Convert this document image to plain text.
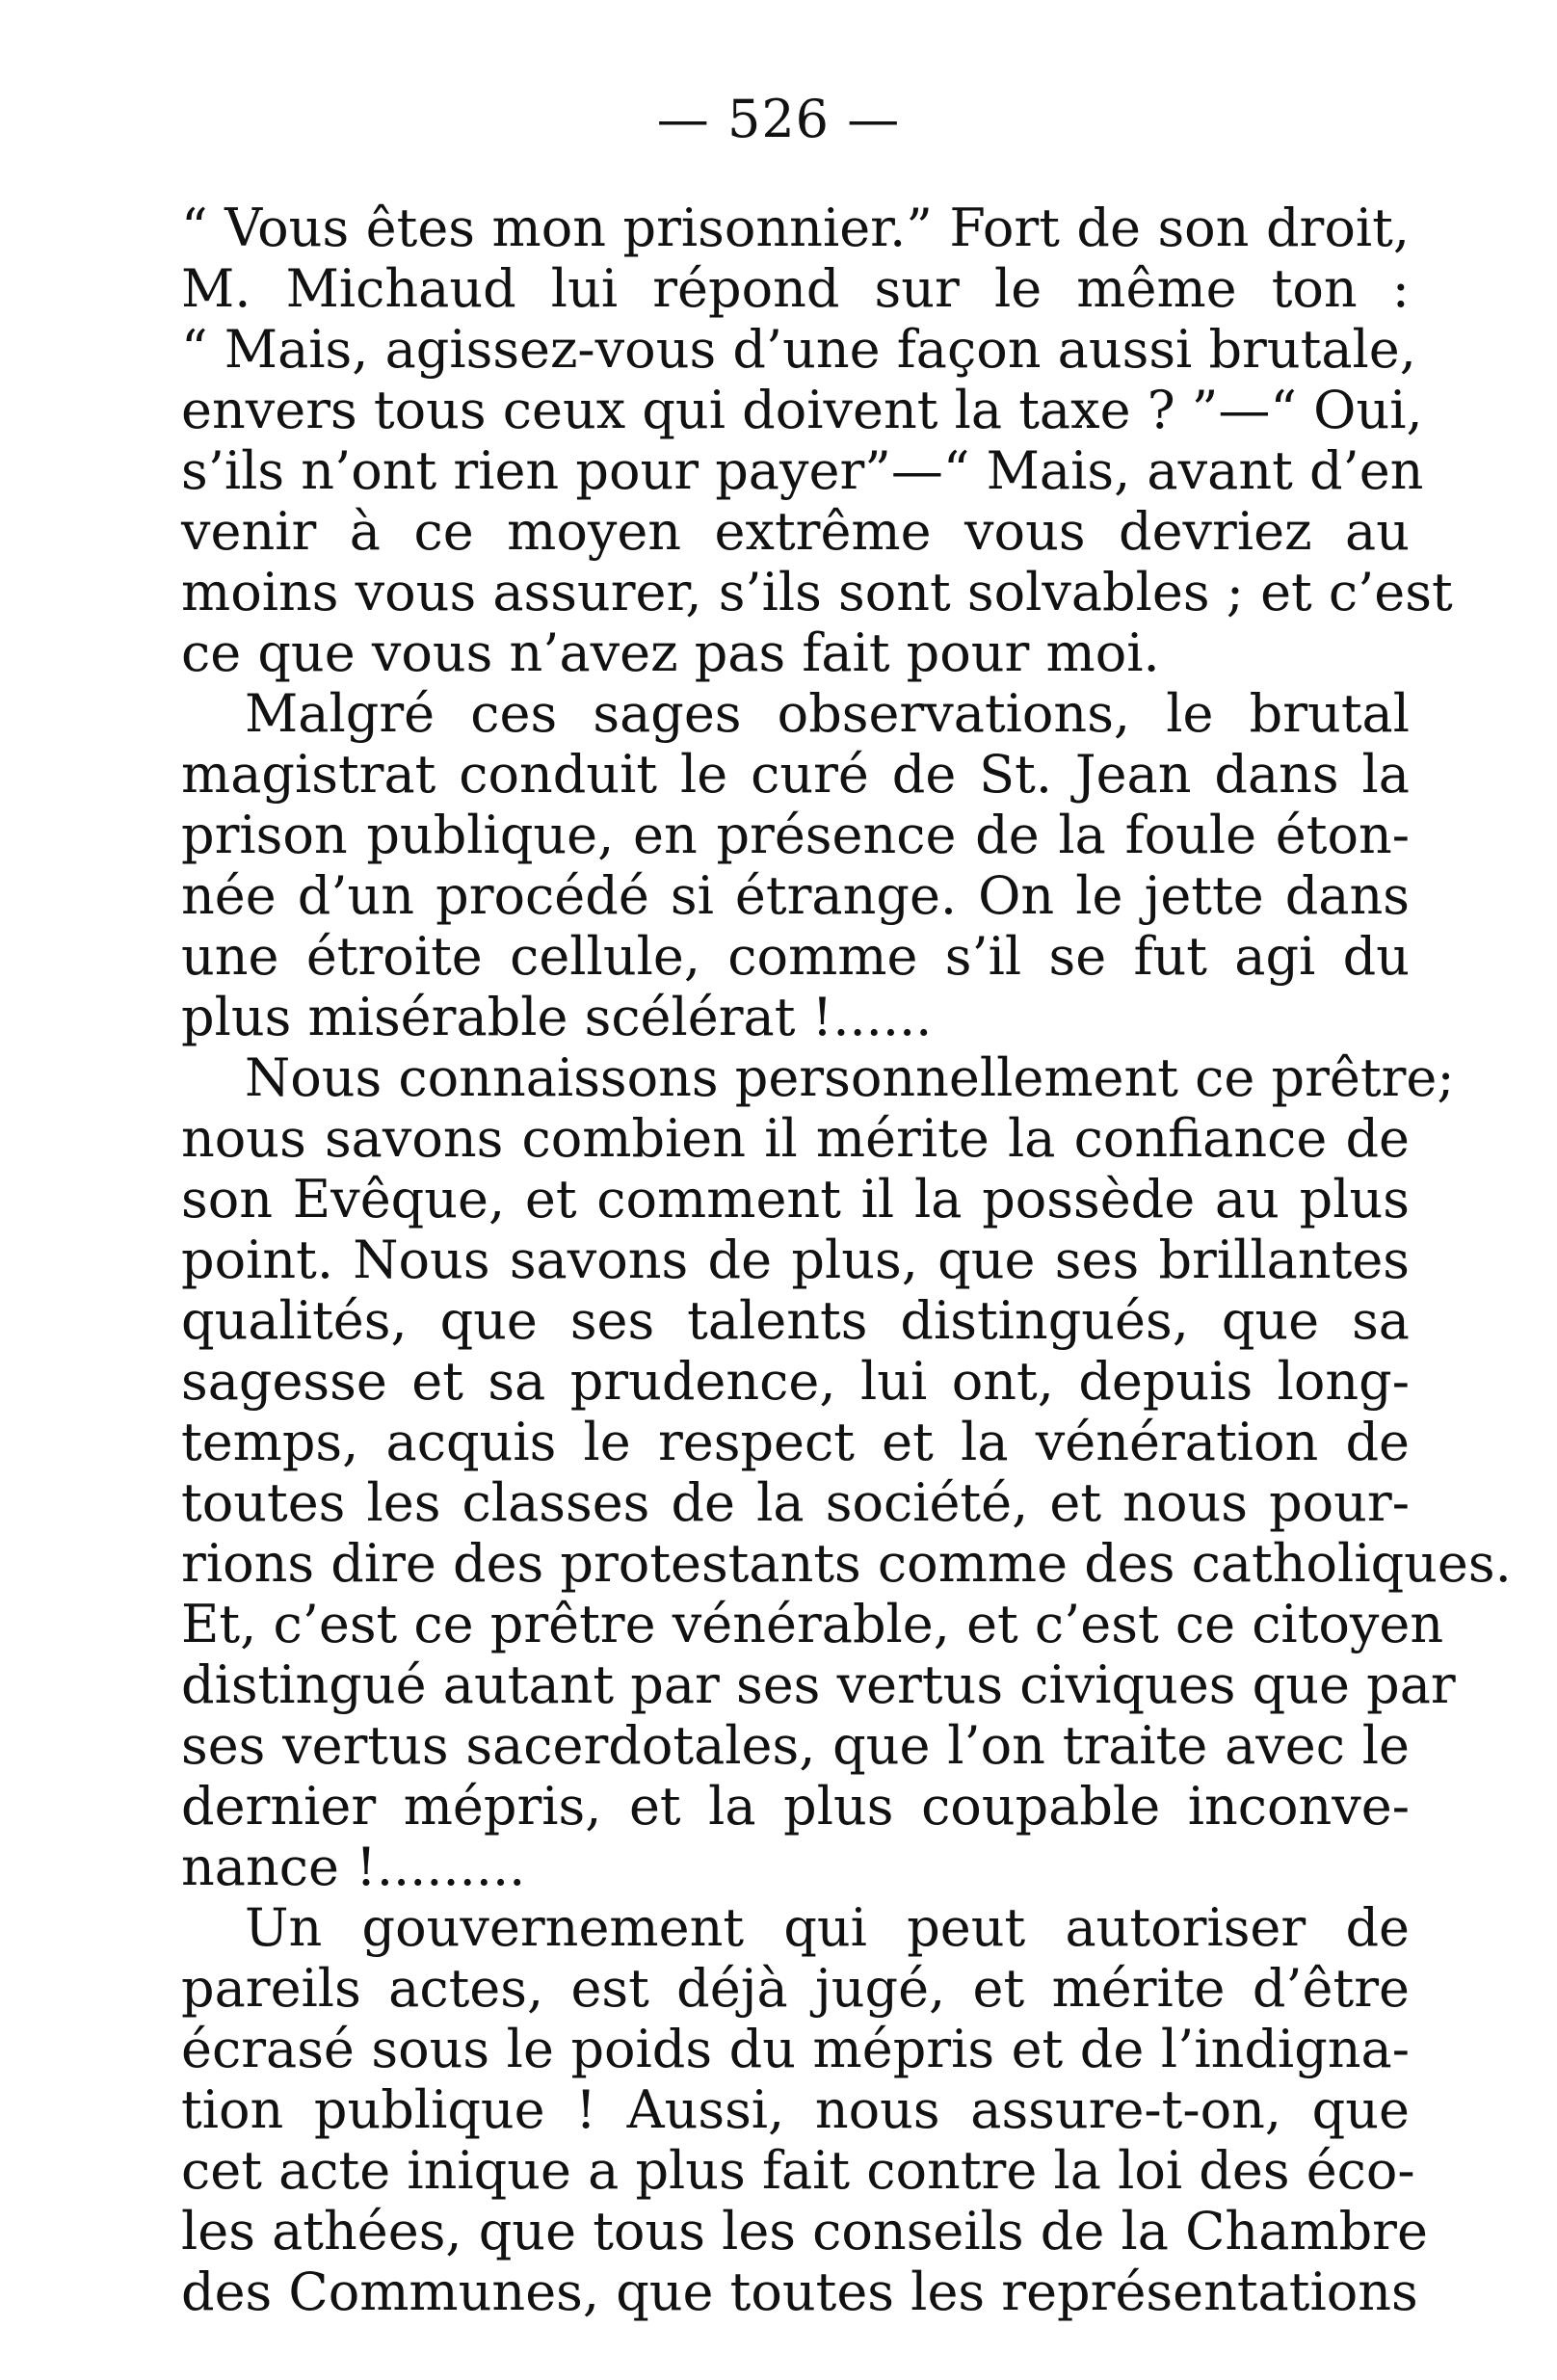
— 526 —
“ Vous êtes mon prisonnier.” Fort de son droit,
M. Michaud lui répond sur le même ton :
“ Mais, agissez-vous d’une façon aussi brutale,
envers tous ceux qui doivent la taxe ? ”—“ Oui,
s’ils n’ont rien pour payer”—“ Mais, avant d’en
venir à ce moyen extrême vous devriez au
moins vous assurer, s’ils sont solvables ; et c’est
ce que vous n’avez pas fait pour moi.
Malgré ces sages observations, le brutal
magistrat conduit le curé de St. Jean dans la
prison publique, en présence de la foule éton-
née d’un procédé si étrange. On le jette dans
une étroite cellule, comme s’il se fut agi du
plus misérable scélérat !......
Nous connaissons personnellement ce prêtre;
nous savons combien il mérite la confiance de
son Evêque, et comment il la possède au plus
point. Nous savons de plus, que ses brillantes
qualités, que ses talents distingués, que sa
sagesse et sa prudence, lui ont, depuis long-
temps, acquis le respect et la vénération de
toutes les classes de la société, et nous pour-
rions dire des protestants comme des catholiques.
Et, c’est ce prêtre vénérable, et c’est ce citoyen
distingué autant par ses vertus civiques que par
ses vertus sacerdotales, que l’on traite avec le
dernier mépris, et la plus coupable inconve-
nance !.........
Un gouvernement qui peut autoriser de
pareils actes, est déjà jugé, et mérite d’être
écrasé sous le poids du mépris et de l’indigna-
tion publique ! Aussi, nous assure-t-on, que
cet acte inique a plus fait contre la loi des éco-
les athées, que tous les conseils de la Chambre
des Communes, que toutes les représentations
